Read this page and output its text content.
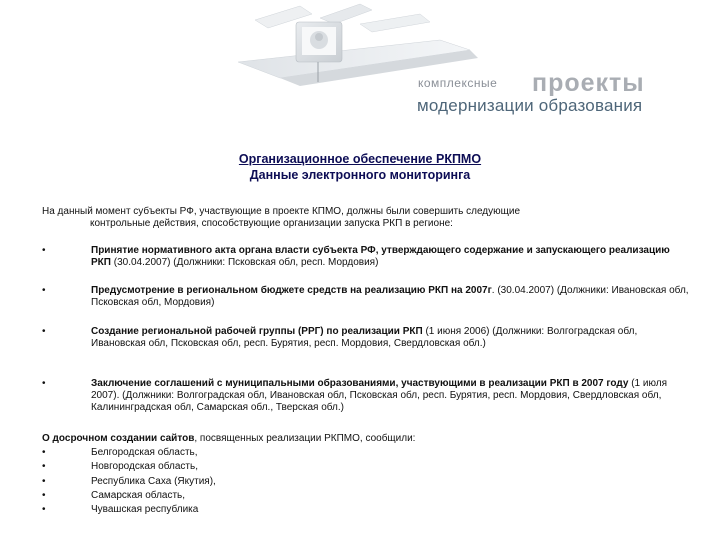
комплексные проекты
модернизации образования
Организационное обеспечение РКПМО
Данные электронного мониторинга
На данный момент субъекты РФ, участвующие в проекте КПМО, должны были совершить следующие
контрольные действия, способствующие организации запуска РКП в регионе:
•	Принятие нормативного акта органа власти субъекта РФ, утверждающего содержание и запускающего реализацию РКП (30.04.2007) (Должники: Псковская обл, респ. Мордовия)
•	Предусмотрение в региональном бюджете средств на реализацию РКП на 2007г. (30.04.2007) (Должники: Ивановская обл, Псковская обл, Мордовия)
•	Создание региональной рабочей группы (РРГ) по реализации РКП (1 июня 2006) (Должники: Волгоградская обл, Ивановская обл, Псковская обл, респ. Бурятия, респ. Мордовия, Свердловская обл.)
•	Заключение соглашений с муниципальными образованиями, участвующими в реализации РКП в 2007 году (1 июля 2007). (Должники: Волгоградская обл, Ивановская обл, Псковская обл, респ. Бурятия, респ. Мордовия, Свердловская обл, Калининградская обл, Самарская обл., Тверская обл.)
О досрочном создании сайтов, посвященных реализации РКПМО, сообщили:
•	Белгородская область,
•	Новгородская область,
•	Республика Саха (Якутия),
•	Самарская область,
•	Чувашская республика
